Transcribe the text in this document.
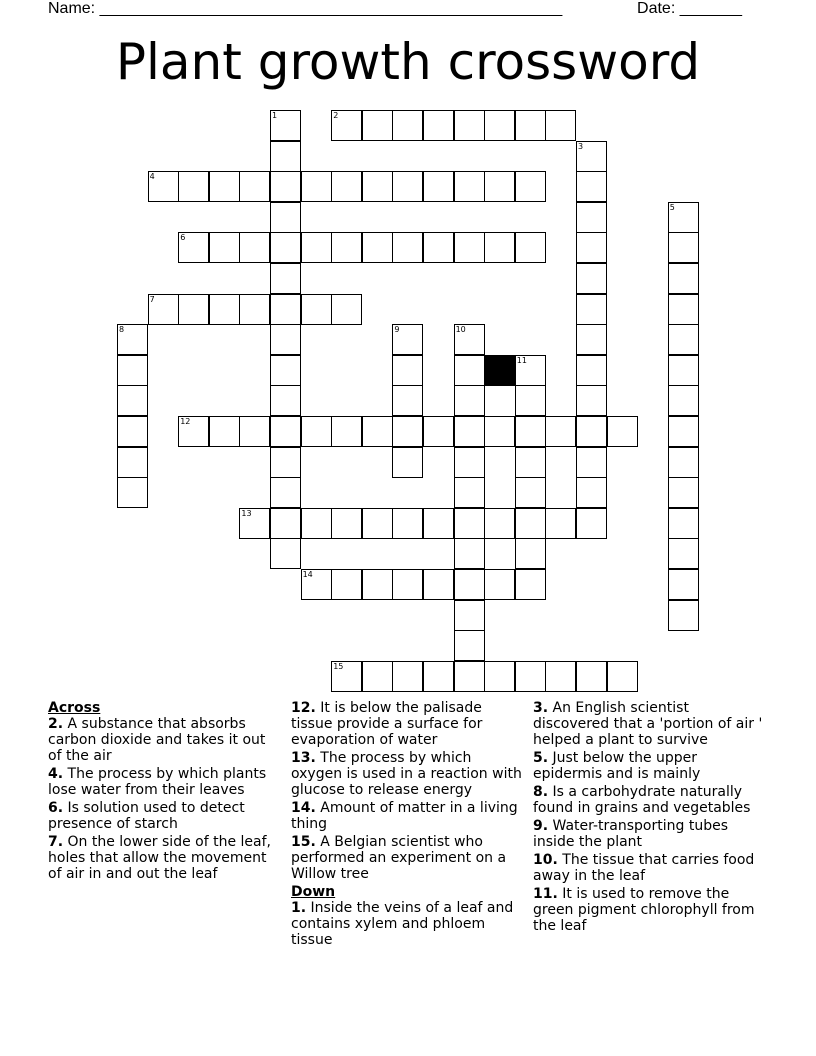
Name: ____________________________________________________	Date: _______
Plant growth crossword
1	2
3
4
5
6
7
8	9	10
11
12
13
14
15
Across
2. A substance that absorbs carbon dioxide and takes it out of the air
4. The process by which plants lose water from their leaves
6. Is solution used to detect presence of starch
7. On the lower side of the leaf, holes that allow the movement of air in and out the leaf
12. It is below the palisade tissue provide a surface for evaporation of water
13. The process by which oxygen is used in a reaction with glucose to release energy
14. Amount of matter in a living thing
15. A Belgian scientist who performed an experiment on a Willow tree
Down
1. Inside the veins of a leaf and contains xylem and phloem tissue
3. An English scientist discovered that a 'portion of air ' helped a plant to survive
5. Just below the upper epidermis and is mainly
8. Is a carbohydrate naturally found in grains and vegetables
9. Water-transporting tubes inside the plant
10. The tissue that carries food away in the leaf
11. It is used to remove the green pigment chlorophyll from the leaf
